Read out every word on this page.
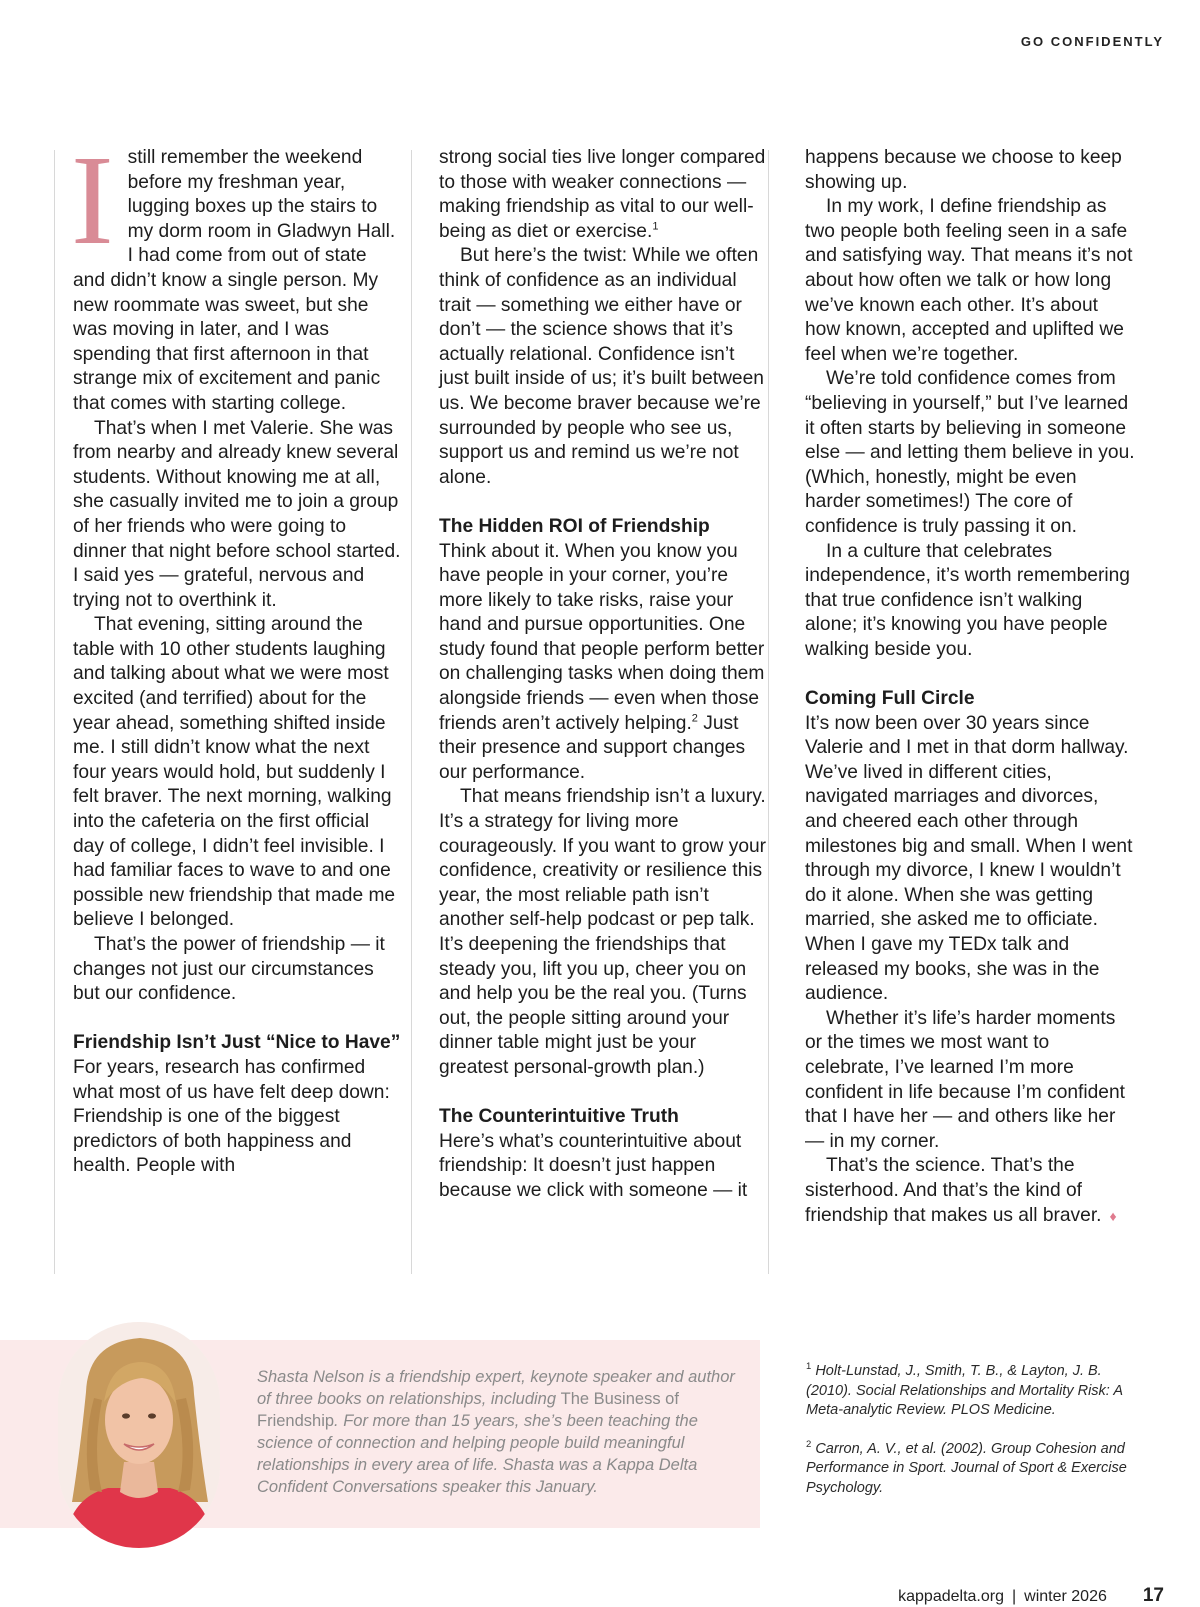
GO CONFIDENTLY

Istill remember the weekend before my freshman year, lugging boxes up the stairs to my dorm room in Gladwyn Hall. I had come from out of state and didn’t know a single person. My new roommate was sweet, but she was moving in later, and I was spending that first afternoon in that strange mix of excitement and panic that comes with starting college.

That’s when I met Valerie. She was from nearby and already knew several students. Without knowing me at all, she casually invited me to join a group of her friends who were going to dinner that night before school started. I said yes — grateful, nervous and trying not to overthink it.

That evening, sitting around the table with 10 other students laughing and talking about what we were most excited (and terrified) about for the year ahead, something shifted inside me. I still didn’t know what the next four years would hold, but suddenly I felt braver. The next morning, walking into the cafeteria on the first official day of college, I didn’t feel invisible. I had familiar faces to wave to and one possible new friendship that made me believe I belonged.

That’s the power of friendship — it changes not just our circumstances but our confidence.

Friendship Isn’t Just “Nice to Have”

For years, research has confirmed what most of us have felt deep down: Friendship is one of the biggest predictors of both happiness and health. People with

strong social ties live longer compared to those with weaker connections — making friendship as vital to our well-being as diet or exercise.$^1$

But here’s the twist: While we often think of confidence as an individual trait — something we either have or don’t — the science shows that it’s actually relational. Confidence isn’t just built inside of us; it’s built between us. We become braver because we’re surrounded by people who see us, support us and remind us we’re not alone.

The Hidden ROI of Friendship

Think about it. When you know you have people in your corner, you’re more likely to take risks, raise your hand and pursue opportunities. One study found that people perform better on challenging tasks when doing them alongside friends — even when those friends aren’t actively helping.$^2$ Just their presence and support changes our performance.

That means friendship isn’t a luxury. It’s a strategy for living more courageously. If you want to grow your confidence, creativity or resilience this year, the most reliable path isn’t another self-help podcast or pep talk. It’s deepening the friendships that steady you, lift you up, cheer you on and help you be the real you. (Turns out, the people sitting around your dinner table might just be your greatest personal-growth plan.)

The Counterintuitive Truth

Here’s what’s counterintuitive about friendship: It doesn’t just happen because we click with someone — it

happens because we choose to keep showing up.

In my work, I define friendship as two people both feeling seen in a safe and satisfying way. That means it’s not about how often we talk or how long we’ve known each other. It’s about how known, accepted and uplifted we feel when we’re together.

We’re told confidence comes from “believing in yourself,” but I’ve learned it often starts by believing in someone else — and letting them believe in you. (Which, honestly, might be even harder sometimes!) The core of confidence is truly passing it on.

In a culture that celebrates independence, it’s worth remembering that true confidence isn’t walking alone; it’s knowing you have people walking beside you.

Coming Full Circle

It’s now been over 30 years since Valerie and I met in that dorm hallway. We’ve lived in different cities, navigated marriages and divorces, and cheered each other through milestones big and small. When I went through my divorce, I knew I wouldn’t do it alone. When she was getting married, she asked me to officiate. When I gave my TEDx talk and released my books, she was in the audience.

Whether it’s life’s harder moments or the times we most want to celebrate, I’ve learned I’m more confident in life because I’m confident that I have her — and others like her — in my corner.

That’s the science. That’s the sisterhood. And that’s the kind of friendship that makes us all braver. ♦

Shasta Nelson is a friendship expert, keynote speaker and author of three books on relationships, including The Business of Friendship. For more than 15 years, she’s been teaching the science of connection and helping people build meaningful relationships in every area of life. Shasta was a Kappa Delta Confident Conversations speaker this January.

$^1$ Holt-Lunstad, J., Smith, T. B., & Layton, J. B. (2010). Social Relationships and Mortality Risk: A Meta-analytic Review. PLOS Medicine.

$^2$ Carron, A. V., et al. (2002). Group Cohesion and Performance in Sport. Journal of Sport & Exercise Psychology.

kappadelta.org | winter 2026 17
